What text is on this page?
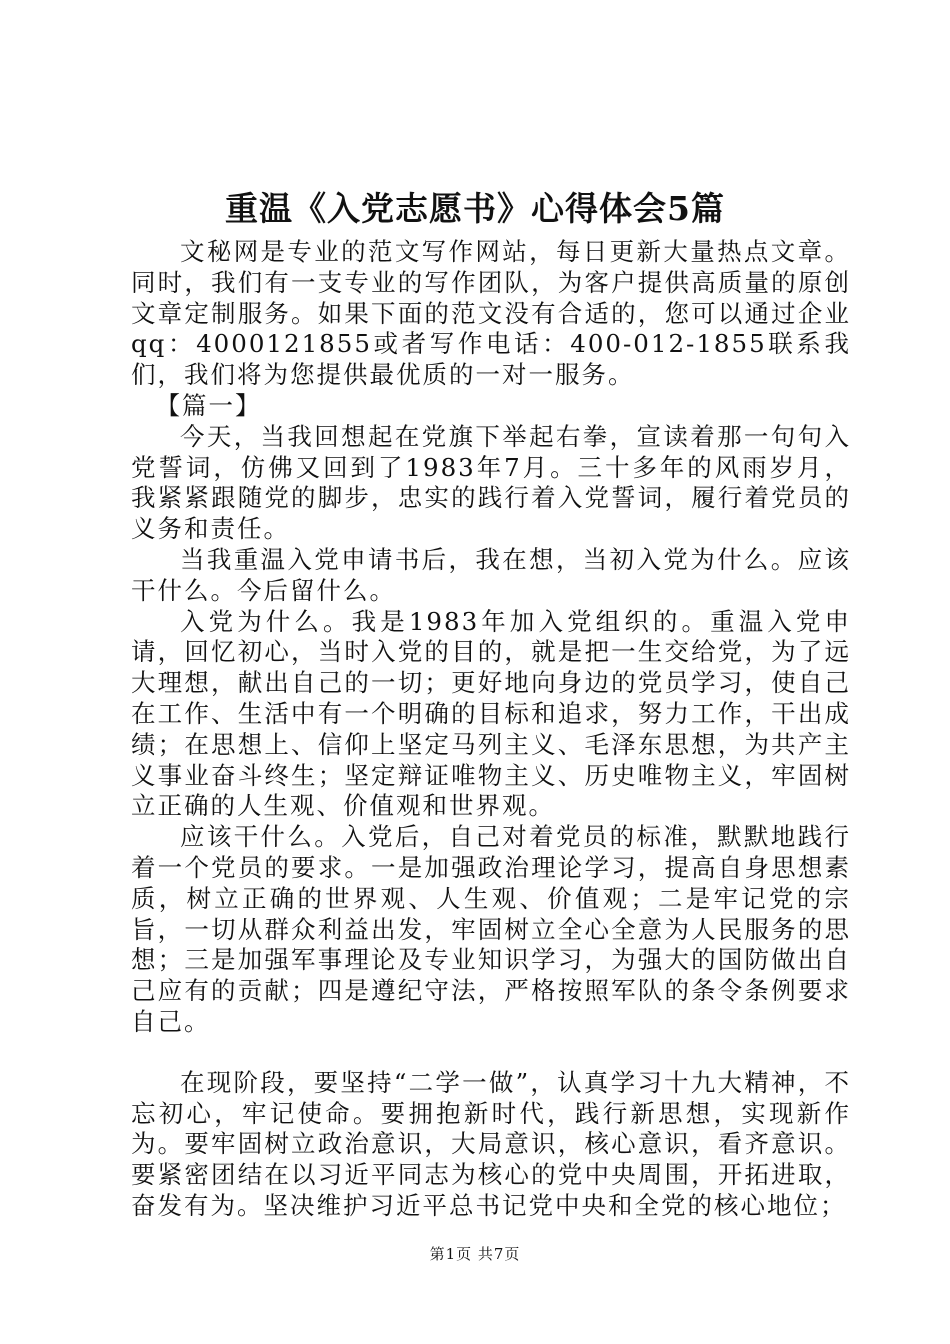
重温《入党志愿书》心得体会5篇

文秘网是专业的范文写作网站，每日更新大量热点文章。同时，我们有一支专业的写作团队，为客户提供高质量的原创文章定制服务。如果下面的范文没有合适的，您可以通过企业qq：4000121855或者写作电话：400-012-1855联系我们，我们将为您提供最优质的一对一服务。

【篇一】

今天，当我回想起在党旗下举起右拳，宣读着那一句句入党誓词，仿佛又回到了1983年7月。三十多年的风雨岁月，我紧紧跟随党的脚步，忠实的践行着入党誓词，履行着党员的义务和责任。

当我重温入党申请书后，我在想，当初入党为什么。应该干什么。今后留什么。

入党为什么。我是1983年加入党组织的。重温入党申请，回忆初心，当时入党的目的，就是把一生交给党，为了远大理想，献出自己的一切；更好地向身边的党员学习，使自己在工作、生活中有一个明确的目标和追求，努力工作，干出成绩；在思想上、信仰上坚定马列主义、毛泽东思想，为共产主义事业奋斗终生；坚定辩证唯物主义、历史唯物主义，牢固树立正确的人生观、价值观和世界观。

应该干什么。入党后，自己对着党员的标准，默默地践行着一个党员的要求。一是加强政治理论学习，提高自身思想素质，树立正确的世界观、人生观、价值观；二是牢记党的宗旨，一切从群众利益出发，牢固树立全心全意为人民服务的思想；三是加强军事理论及专业知识学习，为强大的国防做出自己应有的贡献；四是遵纪守法，严格按照军队的条令条例要求自己。

在现阶段，要坚持“二学一做”，认真学习十九大精神，不忘初心，牢记使命。要拥抱新时代，践行新思想，实现新作为。要牢固树立政治意识，大局意识，核心意识，看齐意识。要紧密团结在以习近平同志为核心的党中央周围，开拓进取，奋发有为。坚决维护习近平总书记党中央和全党的核心地位；

第1页 共7页
